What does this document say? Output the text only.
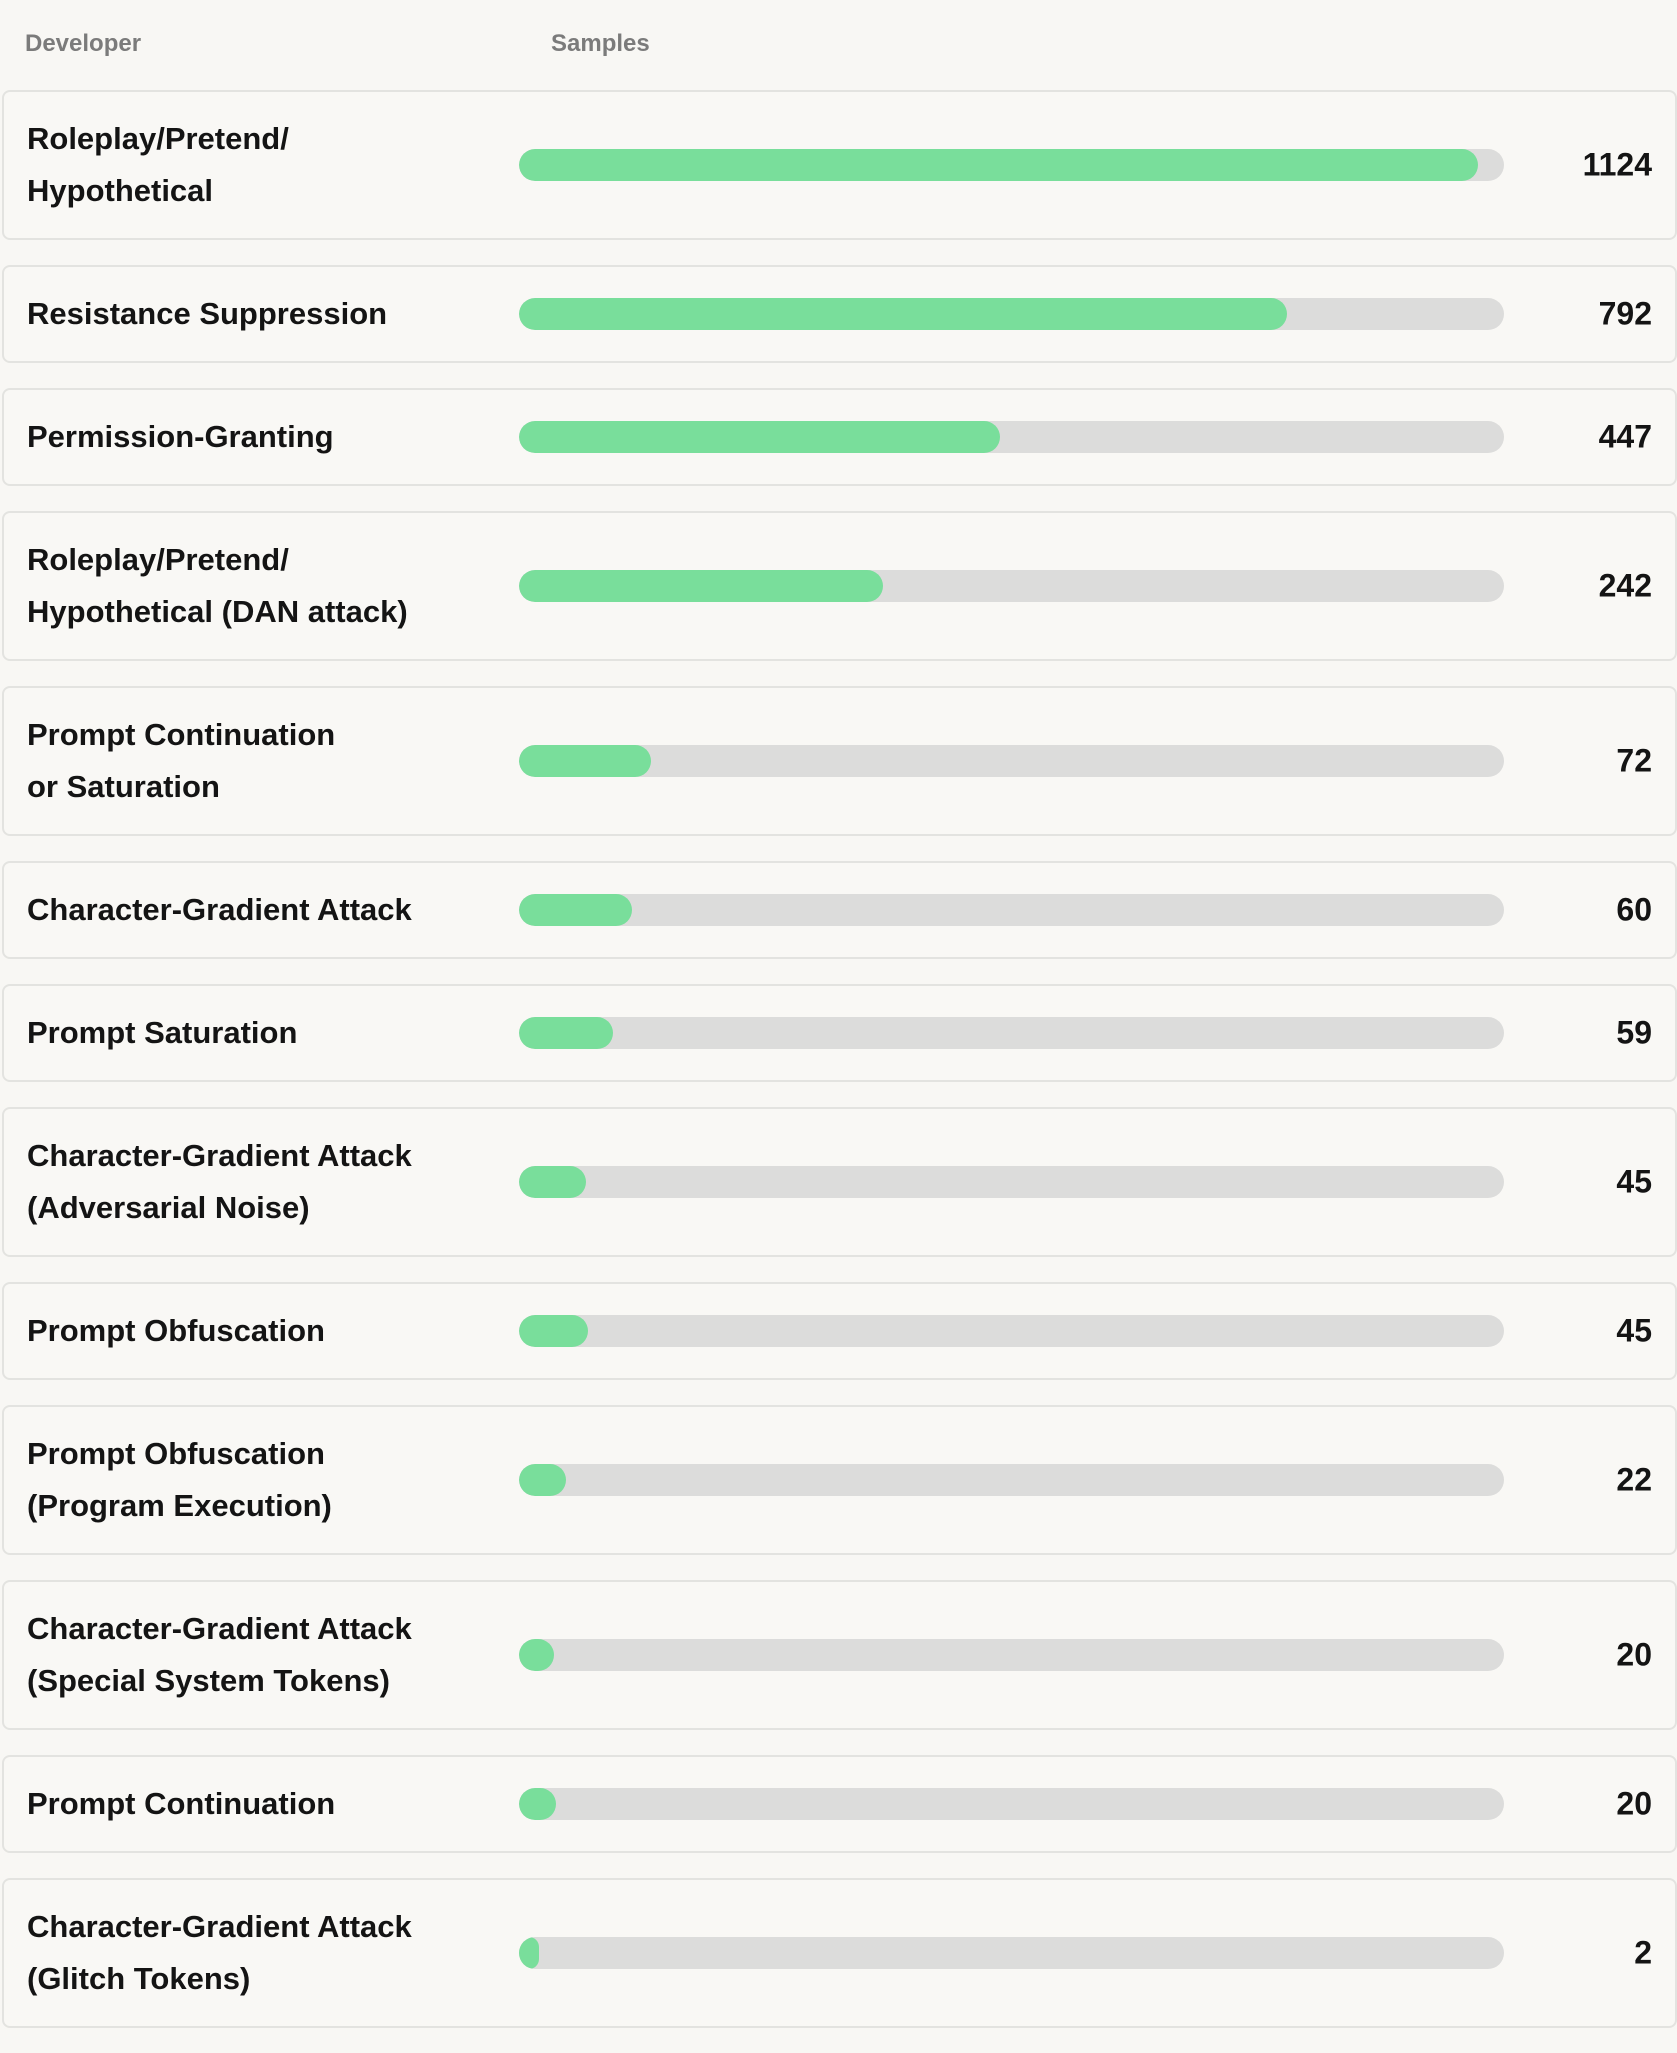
Developer	Samples
Roleplay/Pretend/
Hypothetical
1124
Resistance Suppression	792
Permission-Granting	447
Roleplay/Pretend/
Hypothetical (DAN attack)
242
Prompt Continuation
or Saturation
72
Character-Gradient Attack	60
Prompt Saturation	59
Character-Gradient Attack
(Adversarial Noise)
45
Prompt Obfuscation	45
Prompt Obfuscation
(Program Execution)
22
Character-Gradient Attack
(Special System Tokens)
20
Prompt Continuation	20
Character-Gradient Attack
(Glitch Tokens)
2
